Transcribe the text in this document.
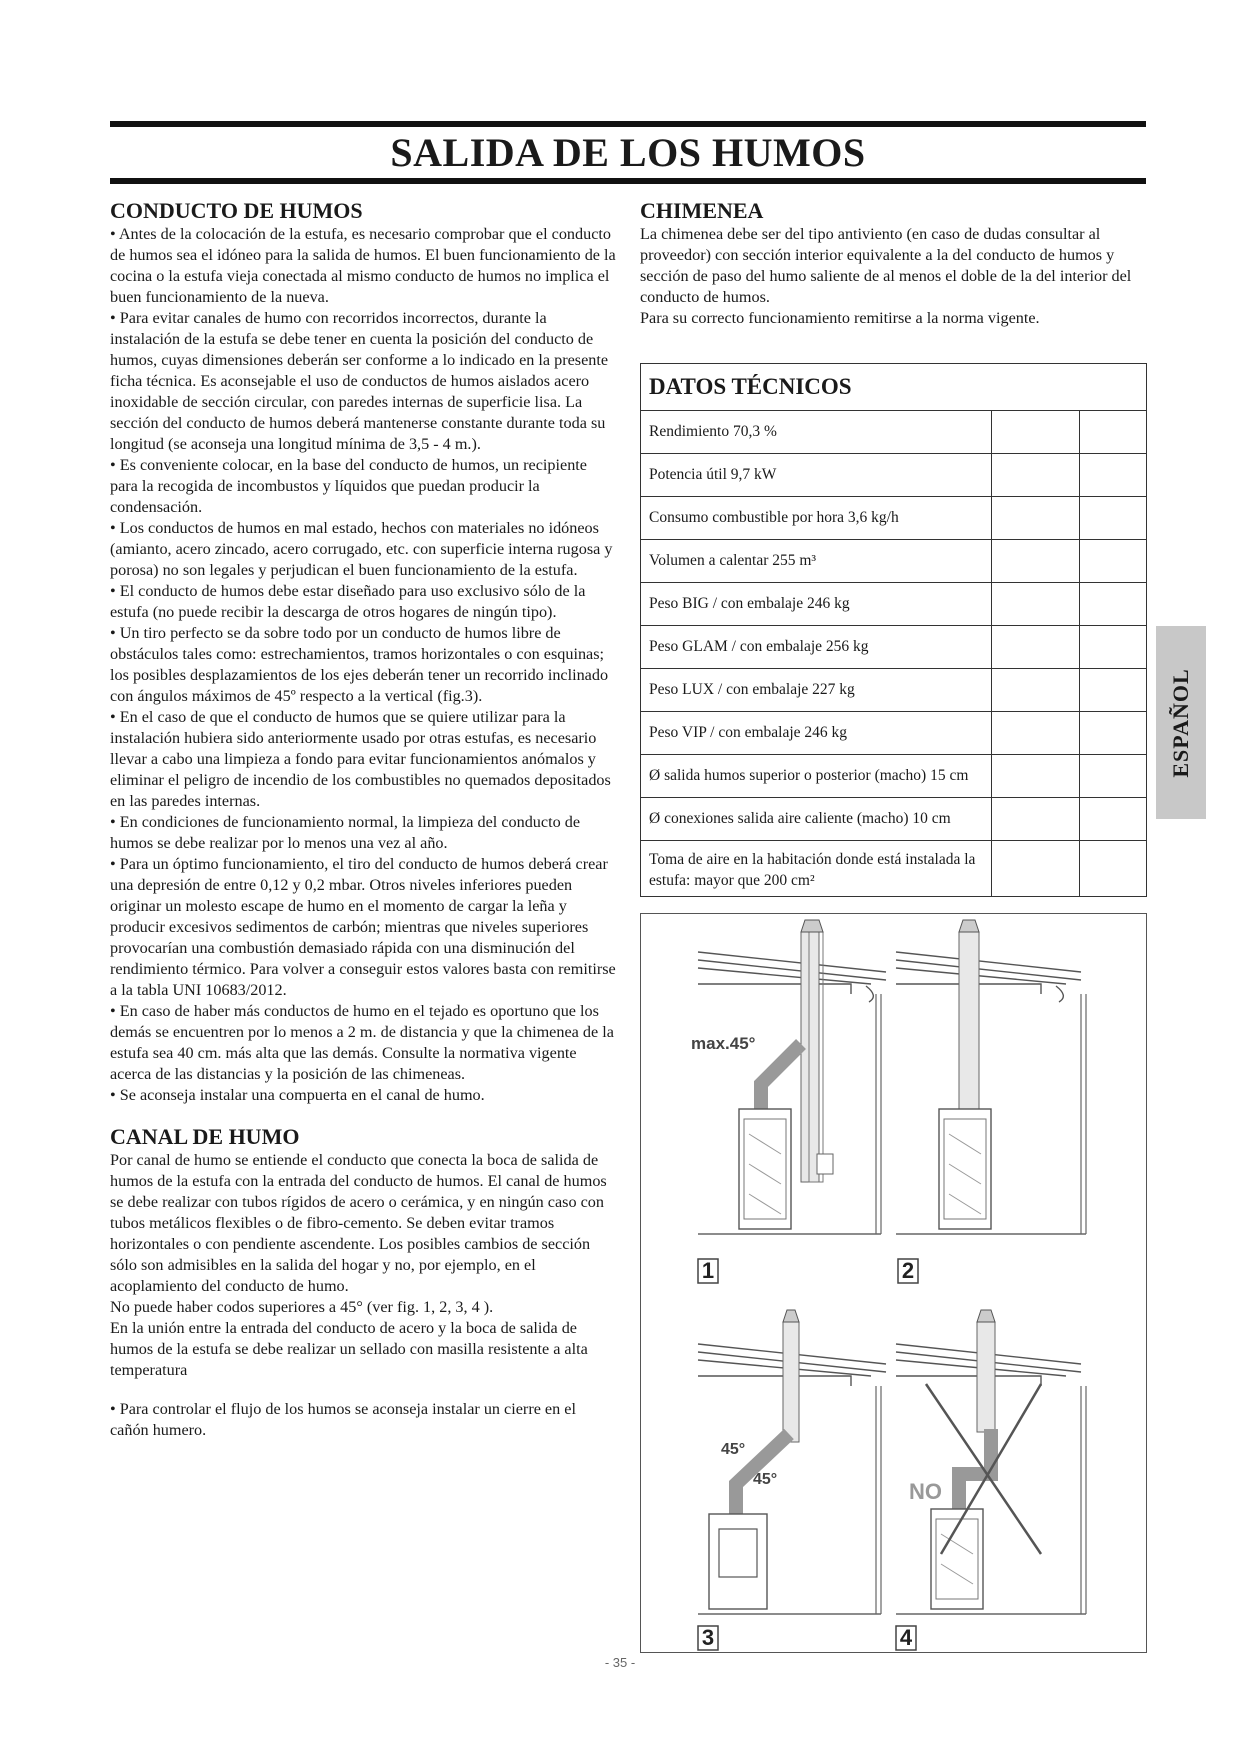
SALIDA DE LOS HUMOS
CONDUCTO DE HUMOS

• Antes de la colocación de la estufa, es necesario comprobar que el conducto de humos sea el idóneo para la salida de humos. El buen funcionamiento de la cocina o la estufa vieja conectada al mismo conducto de humos no implica el buen funcionamiento de la nueva.

• Para evitar canales de humo con recorridos incorrectos, durante la instalación de la estufa se debe tener en cuenta la posición del conducto de humos, cuyas dimensiones deberán ser conforme a lo indicado en la presente ficha técnica. Es aconsejable el uso de conductos de humos aislados acero inoxidable de sección circular, con paredes internas de superficie lisa. La sección del conducto de humos deberá mantenerse constante durante toda su longitud (se aconseja una longitud mínima de 3,5 - 4 m.).

• Es conveniente colocar, en la base del conducto de humos, un recipiente para la recogida de incombustos y líquidos que puedan producir la condensación.

• Los conductos de humos en mal estado, hechos con materiales no idóneos (amianto, acero zincado, acero corrugado, etc. con superficie interna rugosa y porosa) no son legales y perjudican el buen funcionamiento de la estufa.

• El conducto de humos debe estar diseñado para uso exclusivo sólo de la estufa (no puede recibir la descarga de otros hogares de ningún tipo).

• Un tiro perfecto se da sobre todo por un conducto de humos libre de obstáculos tales como: estrechamientos, tramos horizontales o con esquinas; los posibles desplazamientos de los ejes deberán tener un recorrido inclinado con ángulos máximos de 45º respecto a la vertical (fig.3).

• En el caso de que el conducto de humos que se quiere utilizar para la instalación hubiera sido anteriormente usado por otras estufas, es necesario llevar a cabo una limpieza a fondo para evitar funcionamientos anómalos y eliminar el peligro de incendio de los combustibles no quemados depositados en las paredes internas.

• En condiciones de funcionamiento normal, la limpieza del conducto de humos se debe realizar por lo menos una vez al año.

• Para un óptimo funcionamiento, el tiro del conducto de humos deberá crear una depresión de entre 0,12 y 0,2 mbar. Otros niveles inferiores pueden originar un molesto escape de humo en el momento de cargar la leña y producir excesivos sedimentos de carbón; mientras que niveles superiores provocarían una combustión demasiado rápida con una disminución del rendimiento térmico. Para volver a conseguir estos valores basta con remitirse a la tabla UNI 10683/2012.

• En caso de haber más conductos de humo en el tejado es oportuno que los demás se encuentren por lo menos a 2 m. de distancia y que la chimenea de la estufa sea 40 cm. más alta que las demás. Consulte la normativa vigente acerca de las distancias y la posición de las chimeneas.

• Se aconseja instalar una compuerta en el canal de humo.

CANAL DE HUMO

Por canal de humo se entiende el conducto que conecta la boca de salida de humos de la estufa con la entrada del conducto de humos. El canal de humos se debe realizar con tubos rígidos de acero o cerámica, y en ningún caso con tubos metálicos flexibles o de fibro-cemento. Se deben evitar tramos horizontales o con pendiente ascendente. Los posibles cambios de sección sólo son admisibles en la salida del hogar y no, por ejemplo, en el acoplamiento del conducto de humo.

No puede haber codos superiores a 45° (ver fig. 1, 2, 3, 4 ).

En la unión entre la entrada del conducto de acero y la boca de salida de humos de la estufa se debe realizar un sellado con masilla resistente a alta temperatura

• Para controlar el flujo de los humos se aconseja instalar un cierre en el cañón humero.

CHIMENEA

La chimenea debe ser del tipo antiviento (en caso de dudas consultar al proveedor) con sección interior equivalente a la del conducto de humos y sección de paso del humo saliente de al menos el doble de la del interior del conducto de humos.

Para su correcto funcionamiento remitirse a la norma vigente.

DATOS TÉCNICOS
Rendimiento 70,3 %
Potencia útil 9,7 kW
Consumo combustible por hora 3,6 kg/h
Volumen a calentar 255 m³
Peso BIG / con embalaje 246 kg
Peso GLAM / con embalaje 256 kg
Peso LUX / con embalaje 227 kg
Peso VIP / con embalaje 246 kg
Ø salida humos superior o posterior (macho) 15 cm
Ø conexiones salida aire caliente (macho) 10 cm
Toma de aire en la habitación donde está instalada la estufa: mayor que 200 cm²
max.45°
1	2
45°
45°
3
NO
4
ESPAÑOL
- 35 -
